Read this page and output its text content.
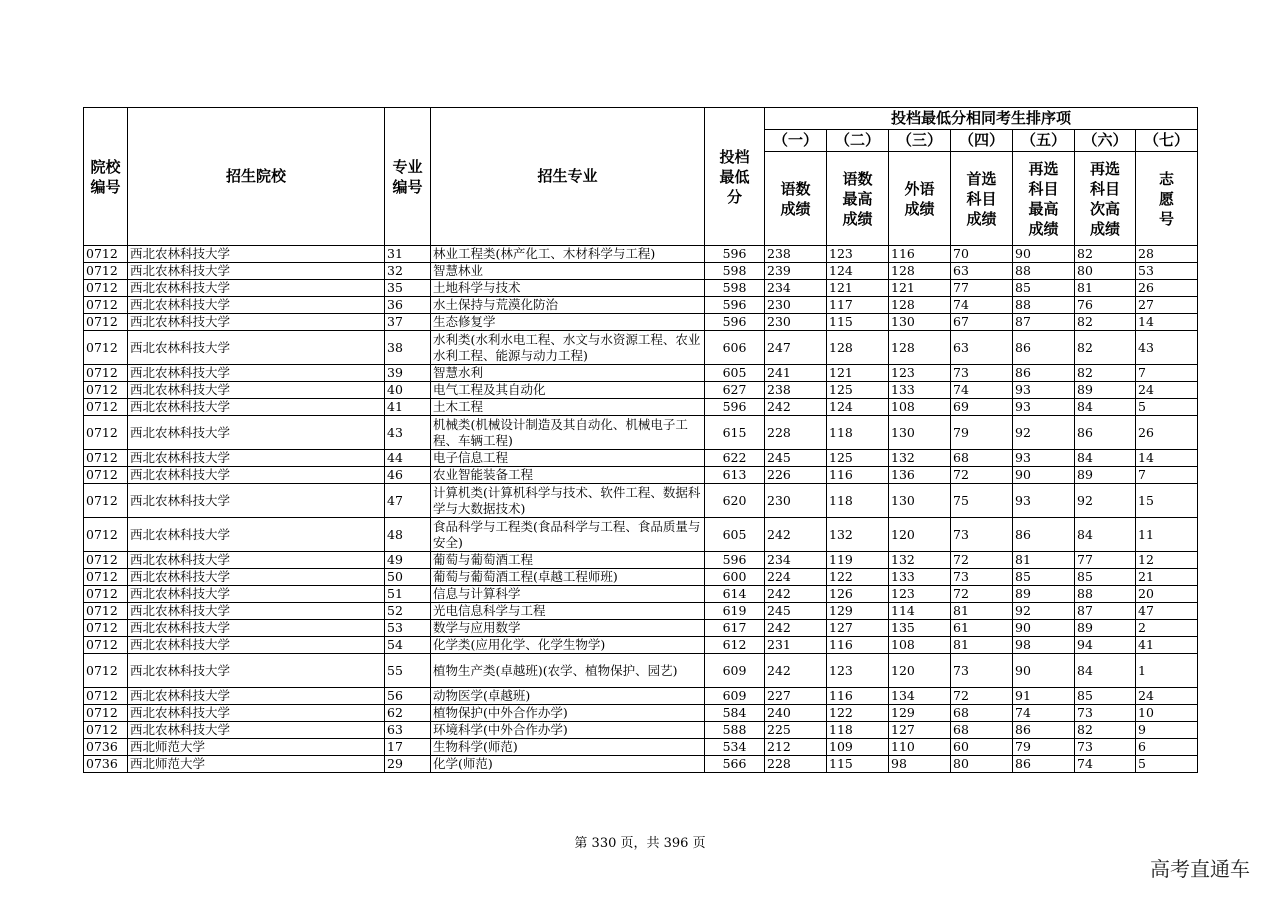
院校编号	招生院校	专业编号	招生专业	投档最低分	投档最低分相同考生排序项						
					（一）	（二）	（三）	（四）	（五）	（六）	（七）
					语数成绩	语数最高成绩	外语成绩	首选科目成绩	再选科目最高成绩	再选科目次高成绩	志愿号
0712	西北农林科技大学	31	林业工程类(林产化工、木材科学与工程)	596	238	123	116	70	90	82	28
0712	西北农林科技大学	32	智慧林业	598	239	124	128	63	88	80	53
0712	西北农林科技大学	35	土地科学与技术	598	234	121	121	77	85	81	26
0712	西北农林科技大学	36	水土保持与荒漠化防治	596	230	117	128	74	88	76	27
0712	西北农林科技大学	37	生态修复学	596	230	115	130	67	87	82	14
0712	西北农林科技大学	38	水利类(水利水电工程、水文与水资源工程、农业水利工程、能源与动力工程)	606	247	128	128	63	86	82	43
0712	西北农林科技大学	39	智慧水利	605	241	121	123	73	86	82	7
0712	西北农林科技大学	40	电气工程及其自动化	627	238	125	133	74	93	89	24
0712	西北农林科技大学	41	土木工程	596	242	124	108	69	93	84	5
0712	西北农林科技大学	43	机械类(机械设计制造及其自动化、机械电子工程、车辆工程)	615	228	118	130	79	92	86	26
0712	西北农林科技大学	44	电子信息工程	622	245	125	132	68	93	84	14
0712	西北农林科技大学	46	农业智能装备工程	613	226	116	136	72	90	89	7
0712	西北农林科技大学	47	计算机类(计算机科学与技术、软件工程、数据科学与大数据技术)	620	230	118	130	75	93	92	15
0712	西北农林科技大学	48	食品科学与工程类(食品科学与工程、食品质量与安全)	605	242	132	120	73	86	84	11
0712	西北农林科技大学	49	葡萄与葡萄酒工程	596	234	119	132	72	81	77	12
0712	西北农林科技大学	50	葡萄与葡萄酒工程(卓越工程师班)	600	224	122	133	73	85	85	21
0712	西北农林科技大学	51	信息与计算科学	614	242	126	123	72	89	88	20
0712	西北农林科技大学	52	光电信息科学与工程	619	245	129	114	81	92	87	47
0712	西北农林科技大学	53	数学与应用数学	617	242	127	135	61	90	89	2
0712	西北农林科技大学	54	化学类(应用化学、化学生物学)	612	231	116	108	81	98	94	41
0712	西北农林科技大学	55	植物生产类(卓越班)(农学、植物保护、园艺)	609	242	123	120	73	90	84	1
0712	西北农林科技大学	56	动物医学(卓越班)	609	227	116	134	72	91	85	24
0712	西北农林科技大学	62	植物保护(中外合作办学)	584	240	122	129	68	74	73	10
0712	西北农林科技大学	63	环境科学(中外合作办学)	588	225	118	127	68	86	82	9
0736	西北师范大学	17	生物科学(师范)	534	212	109	110	60	79	73	6
0736	西北师范大学	29	化学(师范)	566	228	115	98	80	86	74	5
第 330 页，共 396 页
高考直通车
